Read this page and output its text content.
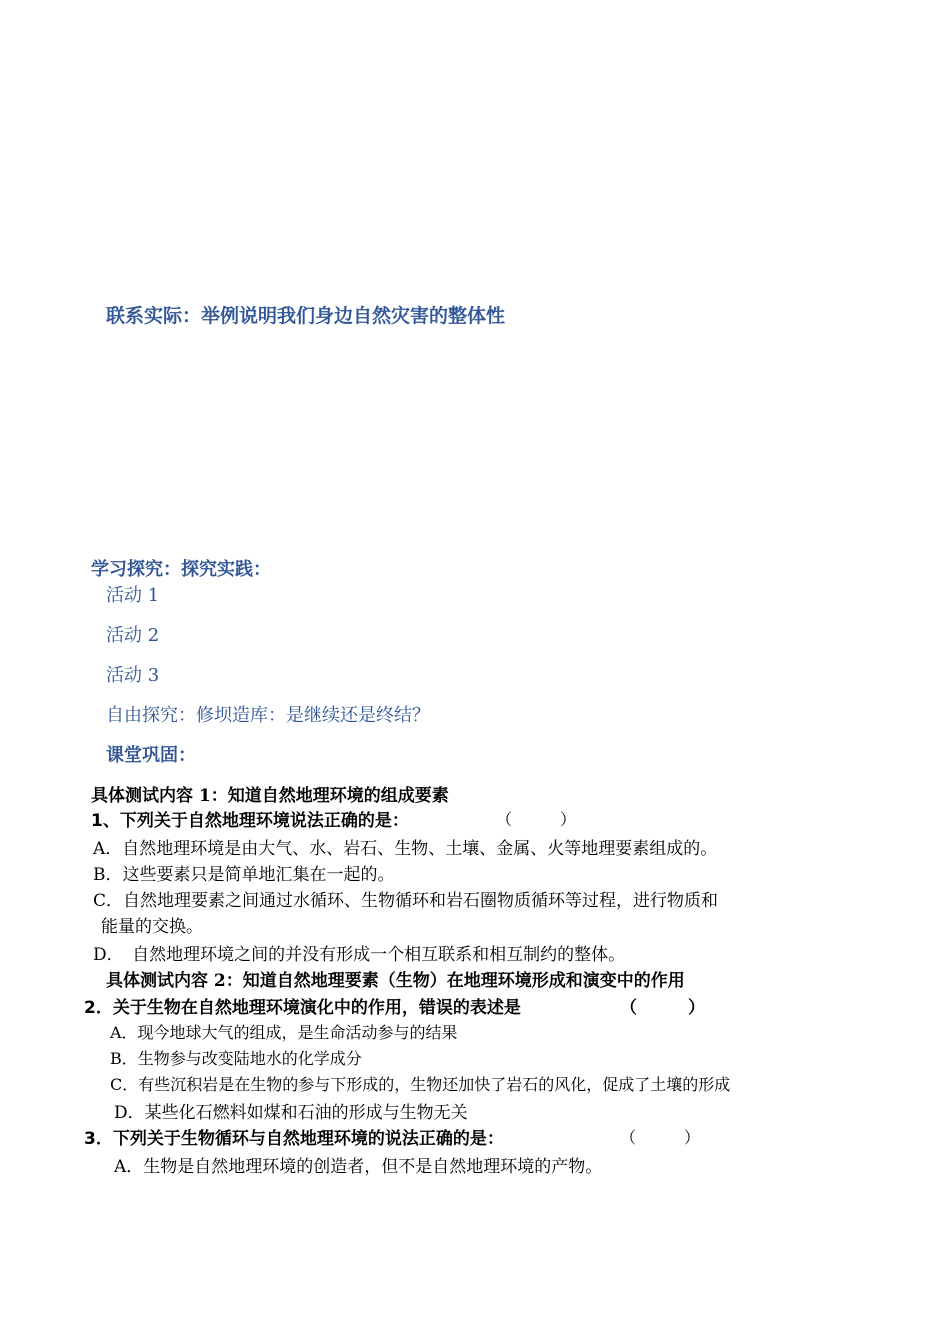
联系实际：举例说明我们身边自然灾害的整体性
学习探究：探究实践：
活动 1
活动 2
活动 3
自由探究：修坝造库：是继续还是终结？
课堂巩固：
具体测试内容 1：知道自然地理环境的组成要素
1、下列关于自然地理环境说法正确的是：	（　　　）
A．自然地理环境是由大气、水、岩石、生物、土壤、金属、火等地理要素组成的。
B．这些要素只是简单地汇集在一起的。
C．自然地理要素之间通过水循环、生物循环和岩石圈物质循环等过程，进行物质和
能量的交换。
D．　自然地理环境之间的并没有形成一个相互联系和相互制约的整体。
具体测试内容 2：知道自然地理要素（生物）在地理环境形成和演变中的作用
2．关于生物在自然地理环境演化中的作用，错误的表述是	（　　　）
A．现今地球大气的组成，是生命活动参与的结果
B．生物参与改变陆地水的化学成分
C．有些沉积岩是在生物的参与下形成的，生物还加快了岩石的风化，促成了土壤的形成
D．某些化石燃料如煤和石油的形成与生物无关
3．下列关于生物循环与自然地理环境的说法正确的是：	（　　　）
A．生物是自然地理环境的创造者，但不是自然地理环境的产物。
